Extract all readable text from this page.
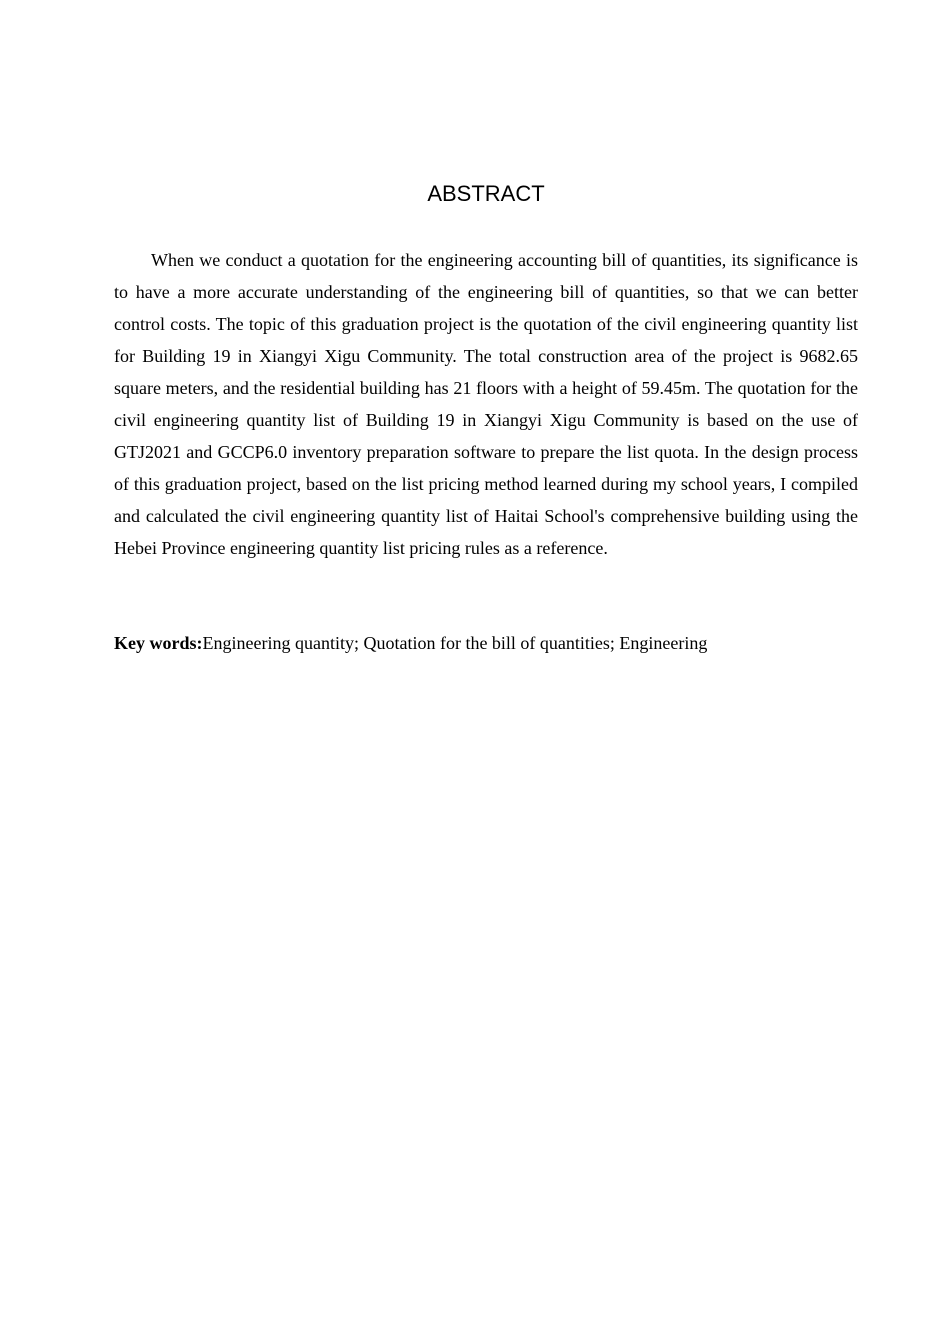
ABSTRACT

When we conduct a quotation for the engineering accounting bill of quantities, its significance is to have a more accurate understanding of the engineering bill of quantities, so that we can better control costs. The topic of this graduation project is the quotation of the civil engineering quantity list for Building 19 in Xiangyi Xigu Community. The total construction area of the project is 9682.65 square meters, and the residential building has 21 floors with a height of 59.45m. The quotation for the civil engineering quantity list of Building 19 in Xiangyi Xigu Community is based on the use of GTJ2021 and GCCP6.0 inventory preparation software to prepare the list quota. In the design process of this graduation project, based on the list pricing method learned during my school years, I compiled and calculated the civil engineering quantity list of Haitai School's comprehensive building using the Hebei Province engineering quantity list pricing rules as a reference.

Key words:Engineering quantity; Quotation for the bill of quantities; Engineering
